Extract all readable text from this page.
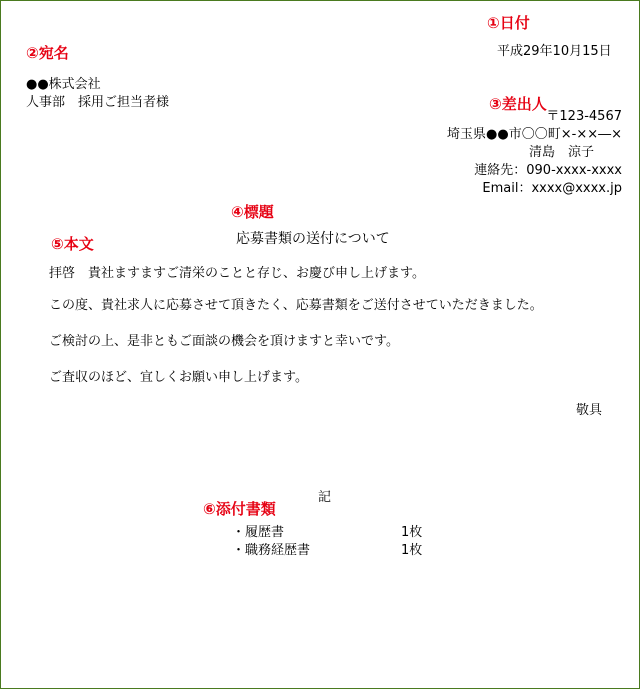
①日付
②宛名
③差出人
④標題
⑤本文
⑥添付書類
平成29年10月15日
●●株式会社
人事部　採用ご担当者様
〒123-4567
埼玉県●●市〇〇町×-××―×
清島　涼子
連絡先：090-xxxx-xxxx
Email：xxxx@xxxx.jp
応募書類の送付について
拝啓　貴社ますますご清栄のことと存じ、お慶び申し上げます。
この度、貴社求人に応募させて頂きたく、応募書類をご送付させていただきました。
ご検討の上、是非ともご面談の機会を頂けますと幸いです。
ご査収のほど、宜しくお願い申し上げます。
敬具
記
・履歴書	1枚
・職務経歴書	1枚
